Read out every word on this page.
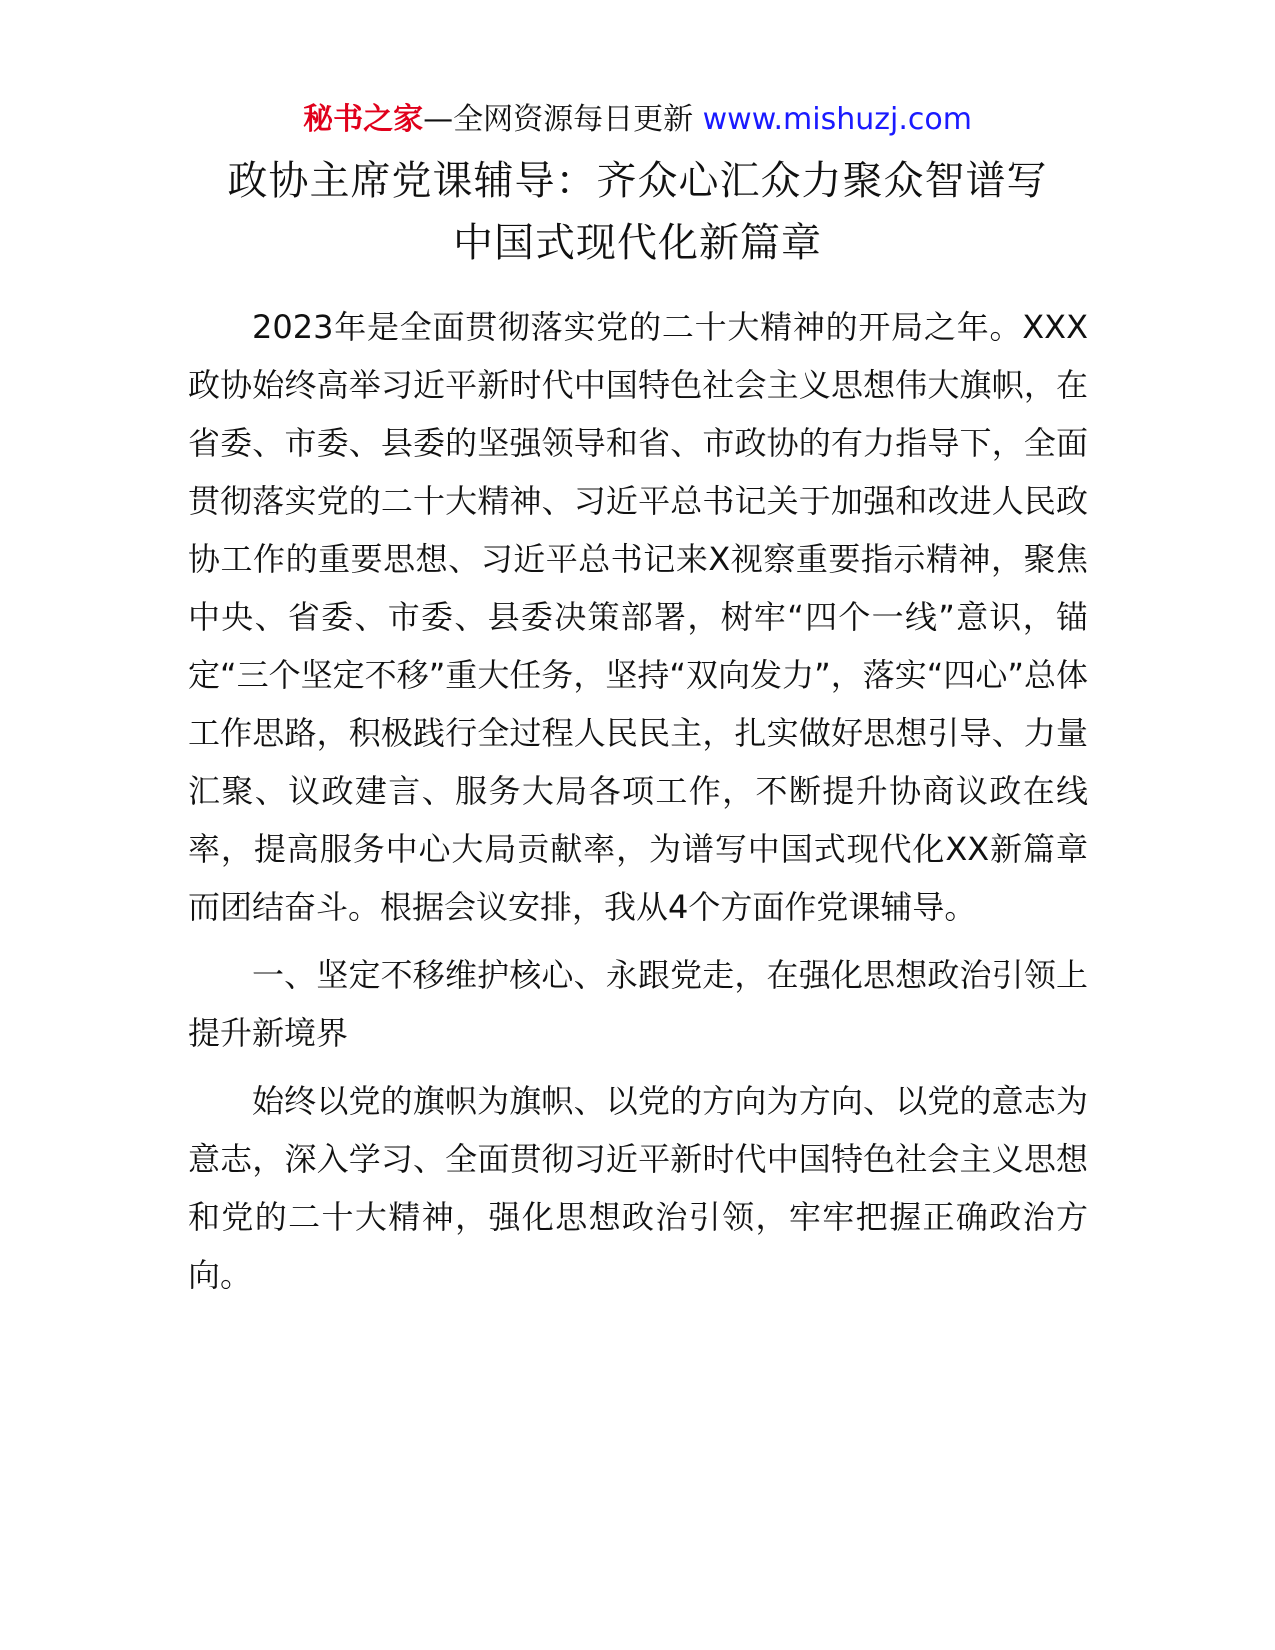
秘书之家—全网资源每日更新 www.mishuzj.com
政协主席党课辅导：齐众心汇众力聚众智谱写
中国式现代化新篇章

2023年是全面贯彻落实党的二十大精神的开局之年。XXX政协始终高举习近平新时代中国特色社会主义思想伟大旗帜，在省委、市委、县委的坚强领导和省、市政协的有力指导下，全面贯彻落实党的二十大精神、习近平总书记关于加强和改进人民政协工作的重要思想、习近平总书记来X视察重要指示精神，聚焦中央、省委、市委、县委决策部署，树牢“四个一线”意识，锚定“三个坚定不移”重大任务，坚持“双向发力”，落实“四心”总体工作思路，积极践行全过程人民民主，扎实做好思想引导、力量汇聚、议政建言、服务大局各项工作，不断提升协商议政在线率，提高服务中心大局贡献率，为谱写中国式现代化XX新篇章而团结奋斗。根据会议安排，我从4个方面作党课辅导。

一、坚定不移维护核心、永跟党走，在强化思想政治引领上提升新境界

始终以党的旗帜为旗帜、以党的方向为方向、以党的意志为意志，深入学习、全面贯彻习近平新时代中国特色社会主义思想和党的二十大精神，强化思想政治引领，牢牢把握正确政治方向。
